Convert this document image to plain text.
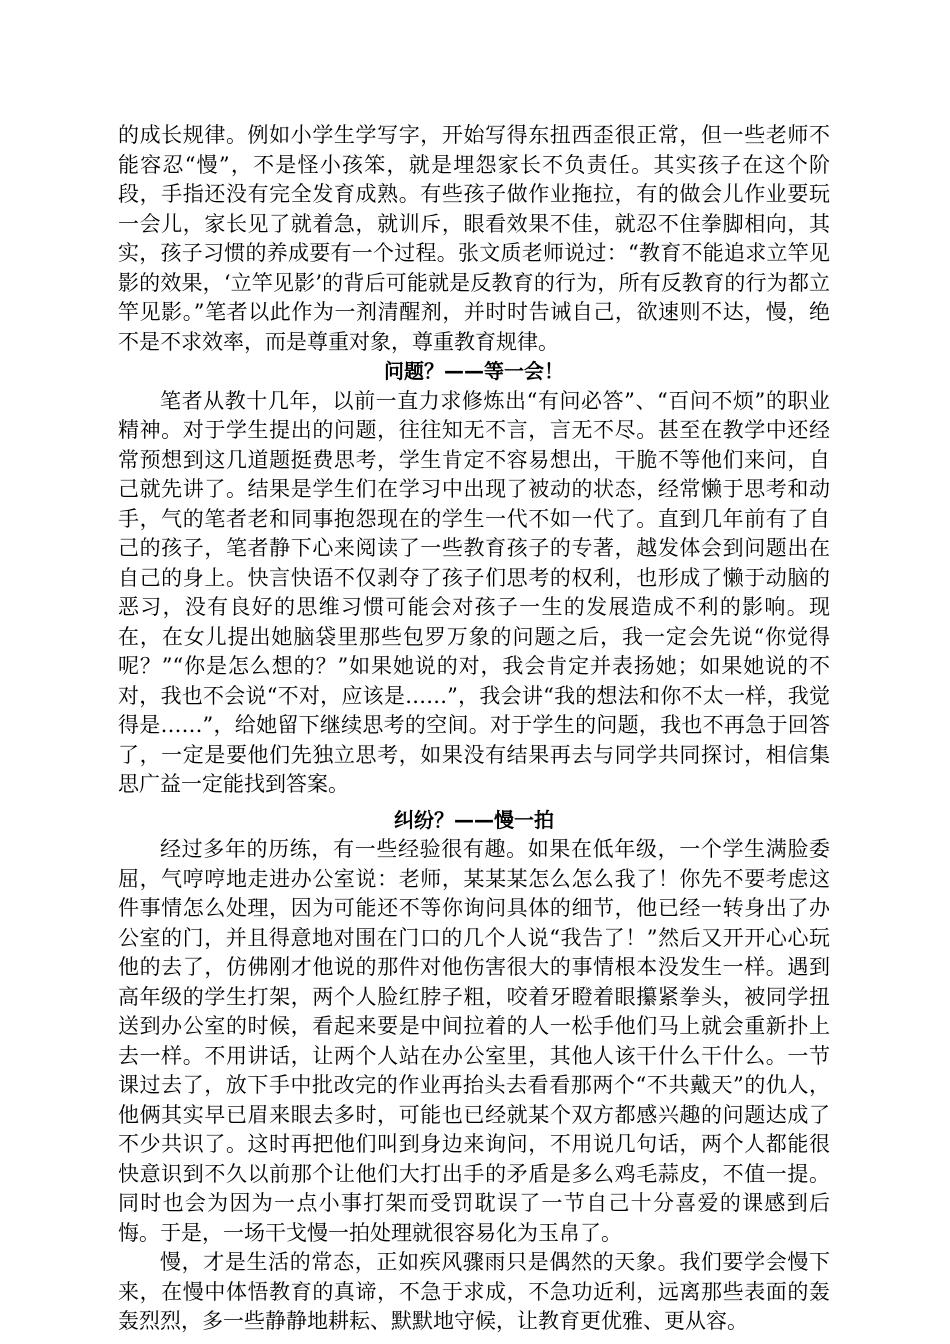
的成长规律。例如小学生学写字，开始写得东扭西歪很正常，但一些老师不能容忍“慢”，不是怪小孩笨，就是埋怨家长不负责任。其实孩子在这个阶段，手指还没有完全发育成熟。有些孩子做作业拖拉，有的做会儿作业要玩一会儿，家长见了就着急，就训斥，眼看效果不佳，就忍不住拳脚相向，其实，孩子习惯的养成要有一个过程。张文质老师说过：“教育不能追求立竿见影的效果，‘立竿见影’的背后可能就是反教育的行为，所有反教育的行为都立竿见影。”笔者以此作为一剂清醒剂，并时时告诫自己，欲速则不达，慢，绝不是不求效率，而是尊重对象，尊重教育规律。

问题？——等一会！

笔者从教十几年，以前一直力求修炼出“有问必答”、“百问不烦”的职业精神。对于学生提出的问题，往往知无不言，言无不尽。甚至在教学中还经常预想到这几道题挺费思考，学生肯定不容易想出，干脆不等他们来问，自己就先讲了。结果是学生们在学习中出现了被动的状态，经常懒于思考和动手，气的笔者老和同事抱怨现在的学生一代不如一代了。直到几年前有了自己的孩子，笔者静下心来阅读了一些教育孩子的专著，越发体会到问题出在自己的身上。快言快语不仅剥夺了孩子们思考的权利，也形成了懒于动脑的恶习，没有良好的思维习惯可能会对孩子一生的发展造成不利的影响。现在，在女儿提出她脑袋里那些包罗万象的问题之后，我一定会先说“你觉得呢？”“你是怎么想的？”如果她说的对，我会肯定并表扬她；如果她说的不对，我也不会说“不对，应该是……”，我会讲“我的想法和你不太一样，我觉得是……”，给她留下继续思考的空间。对于学生的问题，我也不再急于回答了，一定是要他们先独立思考，如果没有结果再去与同学共同探讨，相信集思广益一定能找到答案。

纠纷？——慢一拍

经过多年的历练，有一些经验很有趣。如果在低年级，一个学生满脸委屈，气哼哼地走进办公室说：老师，某某某怎么怎么我了！你先不要考虑这件事情怎么处理，因为可能还不等你询问具体的细节，他已经一转身出了办公室的门，并且得意地对围在门口的几个人说“我告了！”然后又开开心心玩他的去了，仿佛刚才他说的那件对他伤害很大的事情根本没发生一样。遇到高年级的学生打架，两个人脸红脖子粗，咬着牙瞪着眼攥紧拳头，被同学扭送到办公室的时候，看起来要是中间拉着的人一松手他们马上就会重新扑上去一样。不用讲话，让两个人站在办公室里，其他人该干什么干什么。一节课过去了，放下手中批改完的作业再抬头去看看那两个“不共戴天”的仇人，他俩其实早已眉来眼去多时，可能也已经就某个双方都感兴趣的问题达成了不少共识了。这时再把他们叫到身边来询问，不用说几句话，两个人都能很快意识到不久以前那个让他们大打出手的矛盾是多么鸡毛蒜皮，不值一提。同时也会为因为一点小事打架而受罚耽误了一节自己十分喜爱的课感到后悔。于是，一场干戈慢一拍处理就很容易化为玉帛了。

慢，才是生活的常态，正如疾风骤雨只是偶然的天象。我们要学会慢下来，在慢中体悟教育的真谛，不急于求成，不急功近利，远离那些表面的轰轰烈烈，多一些静静地耕耘、默默地守候，让教育更优雅、更从容。
